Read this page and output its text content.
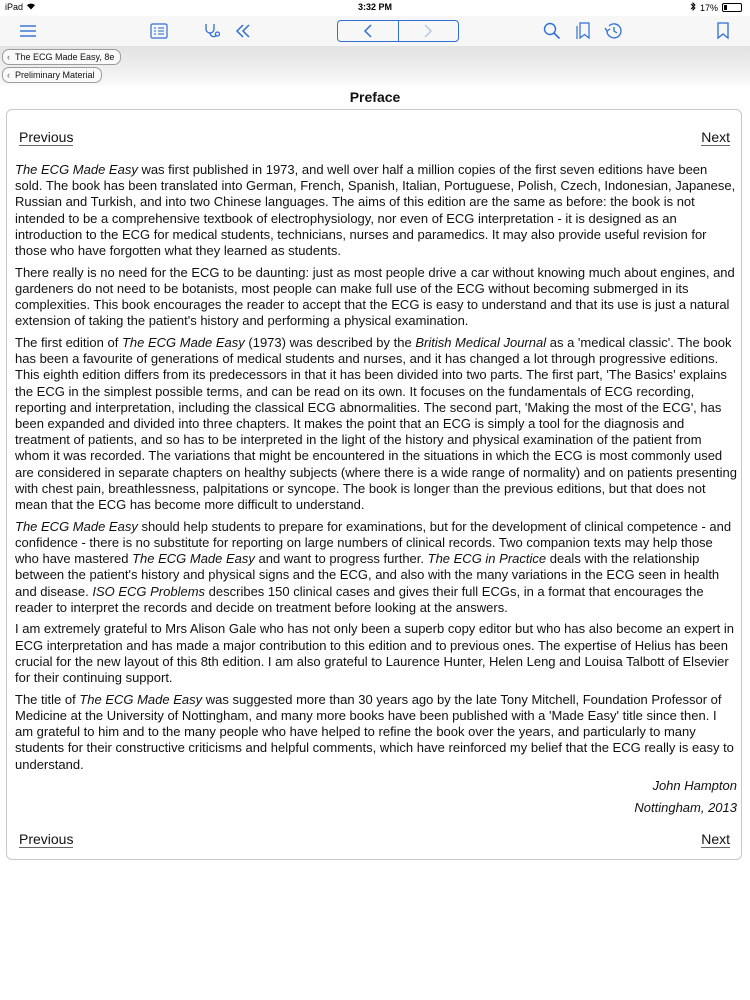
iPad	3:32 PM	17%
‹ The ECG Made Easy, 8e
‹ Preliminary Material
Preface
Previous	Next

The ECG Made Easy was first published in 1973, and well over half a million copies of the first seven editions have been sold. The book has been translated into German, French, Spanish, Italian, Portuguese, Polish, Czech, Indonesian, Japanese, Russian and Turkish, and into two Chinese languages. The aims of this edition are the same as before: the book is not intended to be a comprehensive textbook of electrophysiology, nor even of ECG interpretation - it is designed as an introduction to the ECG for medical students, technicians, nurses and paramedics. It may also provide useful revision for those who have forgotten what they learned as students.

There really is no need for the ECG to be daunting: just as most people drive a car without knowing much about engines, and gardeners do not need to be botanists, most people can make full use of the ECG without becoming submerged in its complexities. This book encourages the reader to accept that the ECG is easy to understand and that its use is just a natural extension of taking the patient's history and performing a physical examination.

The first edition of The ECG Made Easy (1973) was described by the British Medical Journal as a 'medical classic'. The book has been a favourite of generations of medical students and nurses, and it has changed a lot through progressive editions. This eighth edition differs from its predecessors in that it has been divided into two parts. The first part, 'The Basics' explains the ECG in the simplest possible terms, and can be read on its own. It focuses on the fundamentals of ECG recording, reporting and interpretation, including the classical ECG abnormalities. The second part, 'Making the most of the ECG', has been expanded and divided into three chapters. It makes the point that an ECG is simply a tool for the diagnosis and treatment of patients, and so has to be interpreted in the light of the history and physical examination of the patient from whom it was recorded. The variations that might be encountered in the situations in which the ECG is most commonly used are considered in separate chapters on healthy subjects (where there is a wide range of normality) and on patients presenting with chest pain, breathlessness, palpitations or syncope. The book is longer than the previous editions, but that does not mean that the ECG has become more difficult to understand.

The ECG Made Easy should help students to prepare for examinations, but for the development of clinical competence - and confidence - there is no substitute for reporting on large numbers of clinical records. Two companion texts may help those who have mastered The ECG Made Easy and want to progress further. The ECG in Practice deals with the relationship between the patient's history and physical signs and the ECG, and also with the many variations in the ECG seen in health and disease. ISO ECG Problems describes 150 clinical cases and gives their full ECGs, in a format that encourages the reader to interpret the records and decide on treatment before looking at the answers.

I am extremely grateful to Mrs Alison Gale who has not only been a superb copy editor but who has also become an expert in ECG interpretation and has made a major contribution to this edition and to previous ones. The expertise of Helius has been crucial for the new layout of this 8th edition. I am also grateful to Laurence Hunter, Helen Leng and Louisa Talbott of Elsevier for their continuing support.

The title of The ECG Made Easy was suggested more than 30 years ago by the late Tony Mitchell, Foundation Professor of Medicine at the University of Nottingham, and many more books have been published with a 'Made Easy' title since then. I am grateful to him and to the many people who have helped to refine the book over the years, and particularly to many students for their constructive criticisms and helpful comments, which have reinforced my belief that the ECG really is easy to understand.

John Hampton
Nottingham, 2013
Previous	Next
